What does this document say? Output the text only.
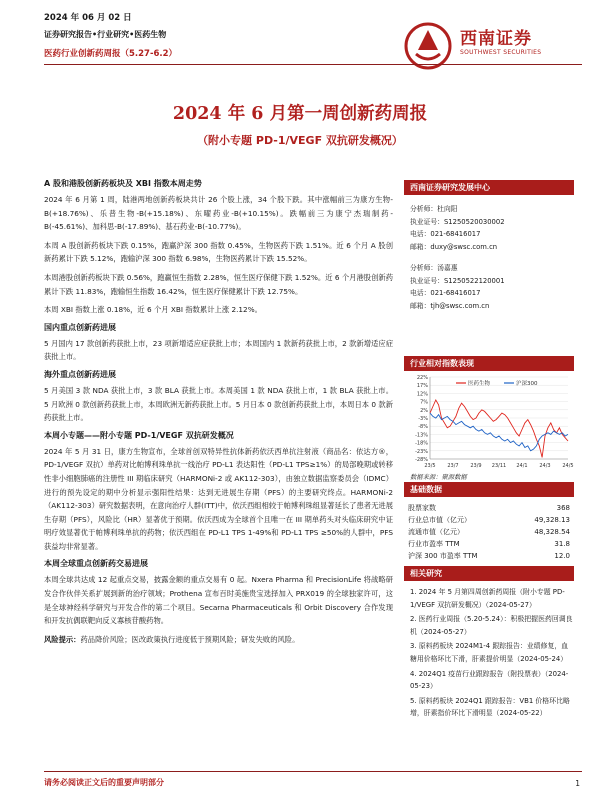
2024 年 06 月 02 日
证券研究报告•行业研究•医药生物
医药行业创新药周报（5.27-6.2）
西南证券
SOUTHWEST SECURITIES
2024 年 6 月第一周创新药周报
（附小专题 PD-1/VEGF 双抗研发概况）
A 股和港股创新药板块及 XBI 指数本周走势

2024 年 6 月第 1 周，陆港两地创新药板块共计 26 个股上涨，34 个股下跌。其中涨幅前三为康方生物-B(+18.76%)、乐普生物-B(+15.18%)、东曜药业-B(+10.15%)。跌幅前三为康宁杰瑞制药-B(-45.61%)、加科思-B(-17.89%)、基石药业-B(-10.77%)。

本周 A 股创新药板块下跌 0.15%，跑赢沪深 300 指数 0.45%，生物医药下跌 1.51%。近 6 个月 A 股创新药累计下跌 5.12%，跑输沪深 300 指数 6.98%，生物医药累计下跌 15.52%。

本周港股创新药板块下跌 0.56%，跑赢恒生指数 2.28%，恒生医疗保健下跌 1.52%。近 6 个月港股创新药累计下跌 11.83%，跑输恒生指数 16.42%，恒生医疗保健累计下跌 12.75%。

本周 XBI 指数上涨 0.18%，近 6 个月 XBI 指数累计上涨 2.12%。

国内重点创新药进展

5 月国内 17 款创新药获批上市，23 项新增适应症获批上市；本周国内 1 款新药获批上市，2 款新增适应症获批上市。

海外重点创新药进展

5 月美国 3 款 NDA 获批上市，3 款 BLA 获批上市。本周美国 1 款 NDA 获批上市，1 款 BLA 获批上市。5 月欧洲 0 款创新药获批上市，本周欧洲无新药获批上市。5 月日本 0 款创新药获批上市，本周日本 0 款新药获批上市。

本周小专题——附小专题 PD-1/VEGF 双抗研发概况

2024 年 5 月 31 日，康方生物宣布，全球首创双特异性抗体新药依沃西单抗注射液（商品名：依达方®，PD-1/VEGF 双抗）单药对比帕博利珠单抗一线治疗 PD-L1 表达阳性（PD-L1 TPS≥1%）的局部晚期或转移性非小细胞肺癌的注册性 III 期临床研究（HARMONi-2 或 AK112-303），由独立数据监察委员会（IDMC）进行的预先设定的期中分析显示强阳性结果：达到无进展生存期（PFS）的主要研究终点。HARMONi-2（AK112-303）研究数据表明，在意向治疗人群(ITT)中，依沃西组相较于帕博利珠组显著延长了患者无进展生存期（PFS），风险比（HR）显著优于预期。依沃西成为全球首个且唯一在 III 期单药头对头临床研究中证明疗效显著优于帕博利珠单抗的药物；依沃西组在 PD-L1 TPS 1-49%和 PD-L1 TPS ≥50%的人群中，PFS 获益均非常显著。

本周全球重点创新药交易进展

本周全球共达成 12 起重点交易，披露金额的重点交易有 0 起。Nxera Pharma 和 PrecisionLife 将战略研发合作伙伴关系扩展到新的治疗领域；Prothena 宣布百时美施贵宝选择加入 PRX019 的全球独家许可，这是全球神经科学研究与开发合作的第二个项目。Secarna Pharmaceuticals 和 Orbit Discovery 合作发现和开发抗偶联靶向反义寡核苷酸药物。

风险提示：药品降价风险；医改政策执行进度低于预期风险；研发失败的风险。

西南证券研究发展中心
分析师：杜向阳
执业证号：S1250520030002
电话：021-68416017
邮箱：duxy@swsc.com.cn
分析师：汤嘉惠
执业证号：S1250522120001
电话：021-68416017
邮箱：tjh@swsc.com.cn
行业相对指数表现
22%
17%
12%
7%
2%
-3%
-8%
-13%
-18%
-23%
-28%
23/5 23/7 23/9 23/11 24/1 24/3 24/5
医药生物	沪深300
数据来源：聚源数据
基础数据
股票家数	368
行业总市值（亿元）	49,328.13
流通市值（亿元）	48,328.54
行业市盈率 TTM	31.8
沪深 300 市盈率 TTM	12.0
相关研究
1. 2024 年 5 月第四周创新药周报（附小专题 PD-1/VEGF 双抗研发概况）（2024-05-27）
2. 医药行业周报（5.20-5.24）：积极把握医药回调良机（2024-05-27）
3. 原料药板块 2024M1-4 跟踪报告：业绩修复，血糖用价格环比下滑，肝素提价明显（2024-05-24）
4. 2024Q1 疫苗行业跟踪报告（附投票表）（2024-05-23）
5. 原料药板块 2024Q1 跟踪报告：VB1 价格环比略增，肝素指价环比下滑明显（2024-05-22）
请务必阅读正文后的重要声明部分	1
